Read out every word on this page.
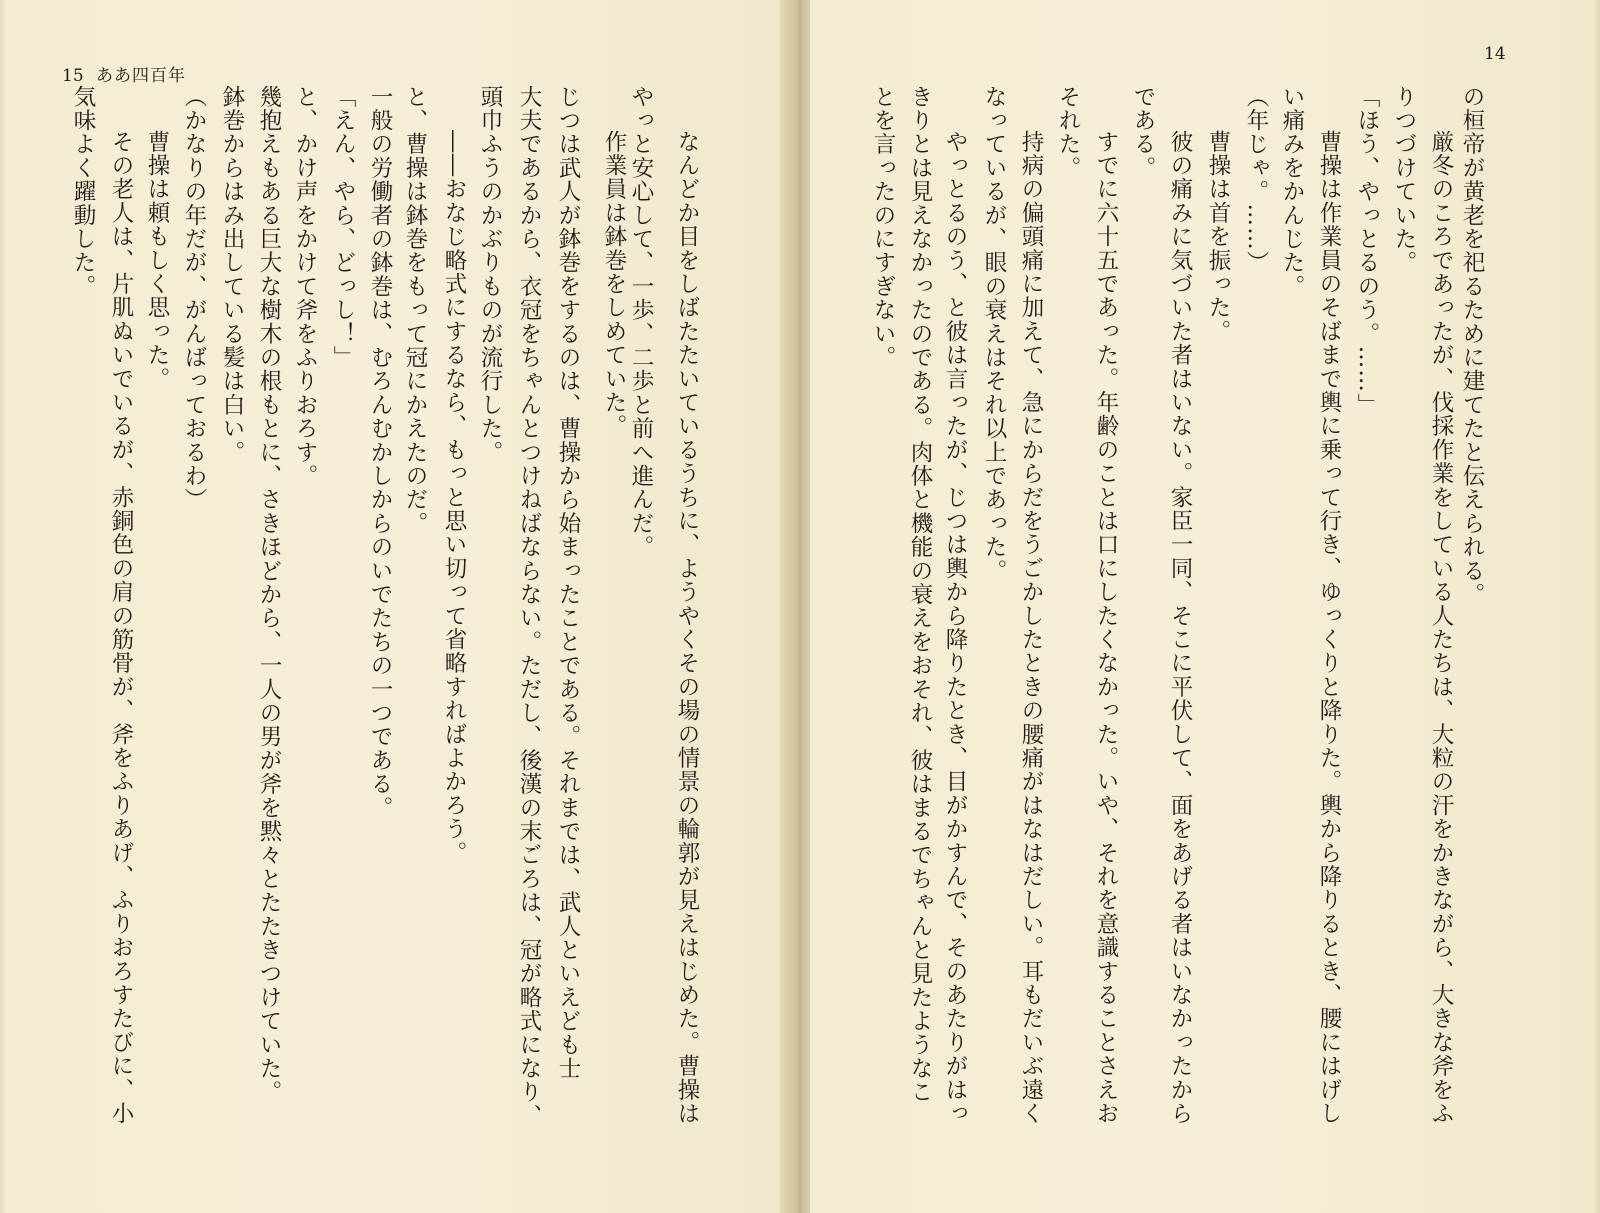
15 ああ四百年
なんどか目をしばたたいているうちに、ようやくその場の情景の輪郭が見えはじめた。曹操は
やっと安心して、一歩、二歩と前へ進んだ。
作業員は鉢巻をしめていた。
じつは武人が鉢巻をするのは、曹操から始まったことである。それまでは、武人といえども士
大夫であるから、衣冠をちゃんとつけねばならない。ただし、後漢の末ごろは、冠が略式になり、
頭巾ふうのかぶりものが流行した。
――おなじ略式にするなら、もっと思い切って省略すればよかろう。
と、曹操は鉢巻をもって冠にかえたのだ。
一般の労働者の鉢巻は、むろんむかしからのいでたちの一つである。
「えん、やら、どっし！」
と、かけ声をかけて斧をふりおろす。
幾抱えもある巨大な樹木の根もとに、さきほどから、一人の男が斧を黙々とたたきつけていた。
鉢巻からはみ出している髪は白い。
（かなりの年だが、がんばっておるわ）
曹操は頼もしく思った。
その老人は、片肌ぬいでいるが、赤銅色の肩の筋骨が、斧をふりあげ、ふりおろすたびに、小
気味よく躍動した。
14
の桓帝が黄老を祀るために建てたと伝えられる。
厳冬のころであったが、伐採作業をしている人たちは、大粒の汗をかきながら、大きな斧をふ
りつづけていた。
「ほう、やっとるのう。……」
曹操は作業員のそばまで輿に乗って行き、ゆっくりと降りた。輿から降りるとき、腰にはげし
い痛みをかんじた。
（年じゃ。……）
曹操は首を振った。
彼の痛みに気づいた者はいない。家臣一同、そこに平伏して、面をあげる者はいなかったから
である。
すでに六十五であった。年齢のことは口にしたくなかった。いや、それを意識することさえお
それた。
持病の偏頭痛に加えて、急にからだをうごかしたときの腰痛がはなはだしい。耳もだいぶ遠く
なっているが、眼の衰えはそれ以上であった。
やっとるのう、と彼は言ったが、じつは輿から降りたとき、目がかすんで、そのあたりがはっ
きりとは見えなかったのである。肉体と機能の衰えをおそれ、彼はまるでちゃんと見たようなこ
とを言ったのにすぎない。
